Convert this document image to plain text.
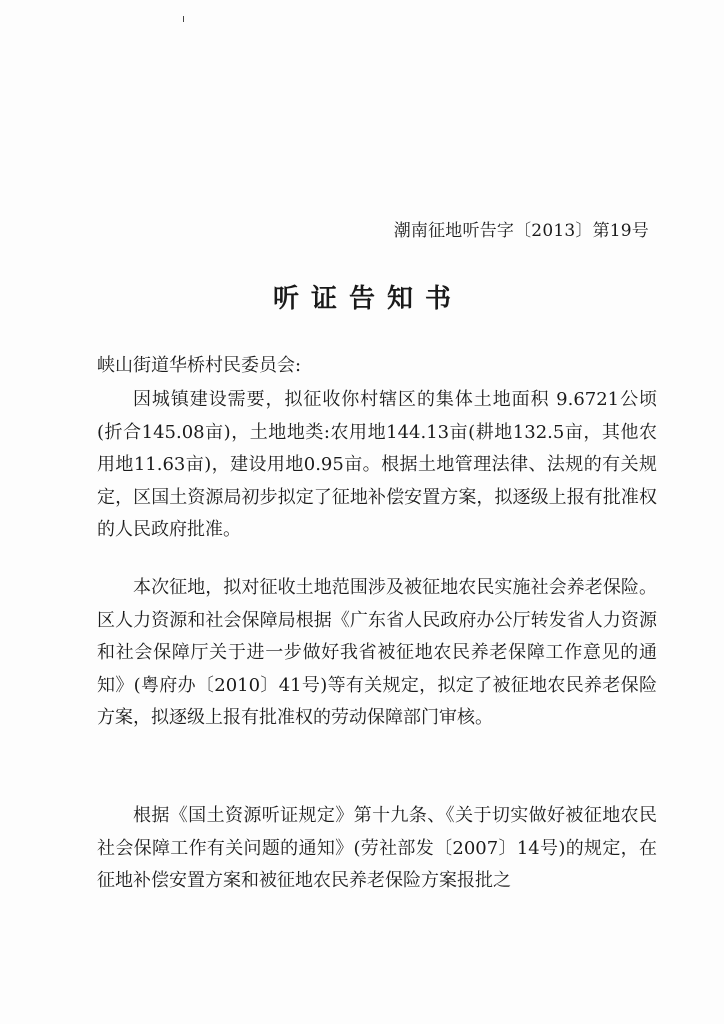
潮南征地听告字〔2013〕第19号
听证告知书
峡山街道华桥村民委员会:

因城镇建设需要，拟征收你村辖区的集体土地面积 9.6721公顷(折合145.08亩)，土地地类:农用地144.13亩(耕地132.5亩，其他农用地11.63亩)，建设用地0.95亩。根据土地管理法律、法规的有关规定，区国土资源局初步拟定了征地补偿安置方案，拟逐级上报有批准权的人民政府批准。

本次征地，拟对征收土地范围涉及被征地农民实施社会养老保险。区人力资源和社会保障局根据《广东省人民政府办公厅转发省人力资源和社会保障厅关于进一步做好我省被征地农民养老保障工作意见的通知》(粤府办〔2010〕41号)等有关规定，拟定了被征地农民养老保险方案，拟逐级上报有批准权的劳动保障部门审核。

根据《国土资源听证规定》第十九条、《关于切实做好被征地农民社会保障工作有关问题的通知》(劳社部发〔2007〕14号)的规定，在征地补偿安置方案和被征地农民养老保险方案报批之
